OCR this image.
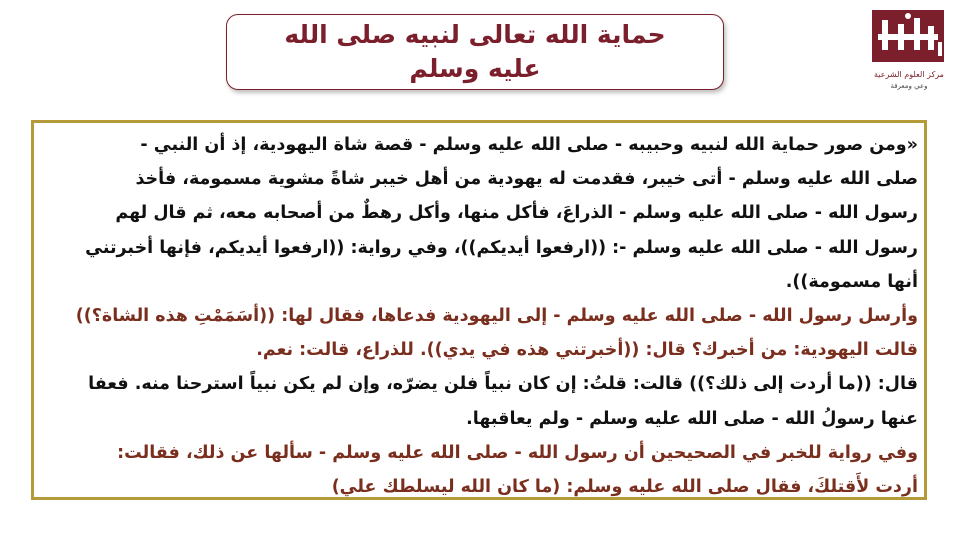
حماية الله تعالى لنبيه صلى الله عليه وسلم	مركز العلوم الشرعية
وعي ومعرفة
«ومن صور حماية الله لنبيه وحبيبه - صلى الله عليه وسلم - قصة شاة اليهودية، إذ أن النبي -
صلى الله عليه وسلم - أتى خيبر، فقدمت له يهودية من أهل خيبر شاةً مشوية مسمومة، فأخذ
رسول الله - صلى الله عليه وسلم - الذراعَ، فأكل منها، وأكل رهطٌ من أصحابه معه، ثم قال لهم
رسول الله - صلى الله عليه وسلم -: ((ارفعوا أيديكم))، وفي رواية: ((ارفعوا أيديكم، فإنها أخبرتني
أنها مسمومة)).
وأرسل رسول الله - صلى الله عليه وسلم - إلى اليهودية فدعاها، فقال لها: ((أسَمَمْتِ هذه الشاة؟))
قالت اليهودية: من أخبرك؟ قال: ((أخبرتني هذه في يدي)). للذراع، قالت: نعم.
قال: ((ما أردت إلى ذلك؟)) قالت: قلتُ: إن كان نبياً فلن يضرّه، وإن لم يكن نبياً استرحنا منه. فعفا
عنها رسولُ الله - صلى الله عليه وسلم - ولم يعاقبها.
وفي رواية للخبر في الصحيحين أن رسول الله - صلى الله عليه وسلم - سألها عن ذلك، فقالت:
أردت لأَقتلكَ، فقال صلى الله عليه وسلم: (ما كان الله ليسلطك علي)
